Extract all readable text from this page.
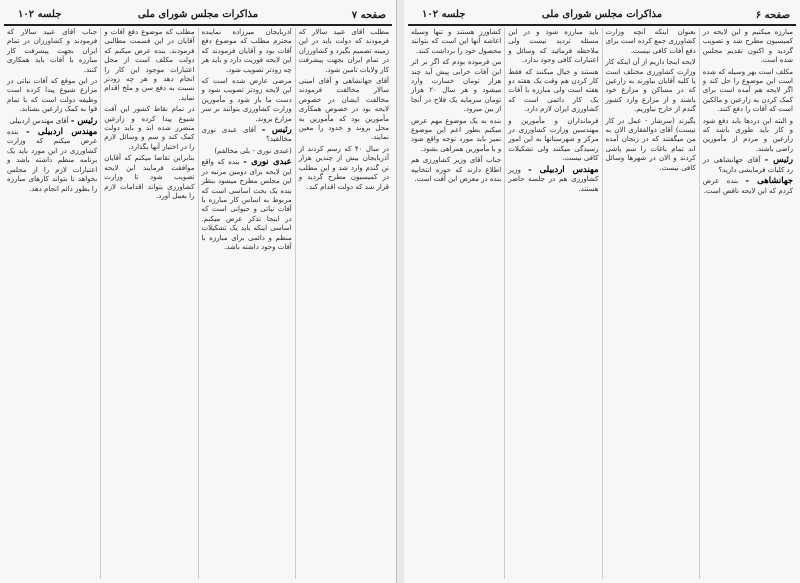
صفحه ۷
مذاکرات مجلس شورای ملی
جلسه ۱۰۲

مطلب آقای عبید سالار که فرمودند که دولت باید در این زمینه تصمیم بگیرد و کشاورزان در تمام ایران بجهت پیشرفت کار ولایات تامین شود.

آقای جهانشاهی و آقای امینی سالار مخالفت فرمودند مخالفت ایشان در خصوص لایحه بود در خصوص همکاری مأمورین بود که مأمورین به محل بروند و حدود را معین نمایند.

در سال ۴۰ که رسم کردند از آذربایجان بیش از چندین هزار تن گندم وارد شد و این مطلب در کمیسیون مطرح گردید و قرار شد که دولت اقدام کند.

آذربایجان میرزاده نماینده محترم مطلب که موضوع دفع آفات بود و آقایان فرمودند که این لایحه فوریت دارد و باید هر چه زودتر تصویب شود.

مرضی عارض شده است که این لایحه زودتر تصویب شود و دست ما باز شود و مأمورین وزارت کشاورزی بتوانند بر سر مزارع بروند.

رئیس - آقای عبدی نوری مخالفید؟

(عبدی نوری - بلی مخالفم)

عبدی نوری - بنده که واقع این لایحه برای دومین مرتبه در این مجلس مطرح میشود بنظر بنده یک بحث اساسی است که مربوط به اساس کار مبارزه با آفات نباتی و حیوانی است که در اینجا تذکر عرض میکنم. اساسی اینکه باید یک تشکیلات منظم و دائمی برای مبارزه با آفات وجود داشته باشد.

مطلب که موضوع دفع آفات و آقایان در این قسمت مطالبی فرمودند. بنده عرض میکنم که دولت مکلف است از محل اعتبارات موجود این کار را انجام دهد و هر چه زودتر نسبت به دفع سن و ملخ اقدام نماید.

در تمام نقاط کشور این آفت شیوع پیدا کرده و زارعین متضرر شده اند و باید دولت کمک کند و سم و وسائل لازم را در اختیار آنها بگذارد.

بنابراین تقاضا میکنم که آقایان موافقت فرمایند این لایحه تصویب شود تا وزارت کشاورزی بتواند اقدامات لازم را بعمل آورد.

جناب آقای عبید سالار که فرمودند و کشاورزان در تمام ایران بجهت پیشرفت کار مبارزه با آفات باید همکاری کنند.

در این موقع که آفات نباتی در مزارع شیوع پیدا کرده است وظیفه دولت است که با تمام قوا به کمک زارعین بشتابد.

رئیس - آقای مهندس اردبیلی

مهندس اردبیلی - بنده عرض میکنم که وزارت کشاورزی در این مورد باید یک برنامه منظم داشته باشد و اعتبارات لازم را از مجلس بخواهد تا بتواند کارهای مبارزه را بطور دائم انجام دهد.

صفحه ۶
مذاکرات مجلس شورای ملی
جلسه ۱۰۲

مبارزه میکنیم و این لایحه در کمیسیون مطرح شد و تصویب گردید و اکنون تقدیم مجلس شده است.

مکلف است بهر وسیله که شده است این موضوع را حل کند و اگر لایحه هم آمده است برای کمک کردن به زارعین و مالکین است که آفات را دفع کنند.

و البته این دردها باید دفع شود و کار باید طوری باشد که زارعین و مردم از مأمورین راضی باشند.

رئیس - آقای جهانشاهی در رد کلیات فرمایشی دارید؟

جهانشاهی - بنده عرض کردم که این لایحه ناقص است.

بعنوان اینکه آنچه وزارت کشاورزی جمع کرده است برای دفع آفات کافی نیست.

لایحه اینجا داریم از آن اینکه کار وزارت کشاورزی مختلف است یا کلیه آقایان بیاورند به زارعین که در مساکن و مزارع خود باشند و از مزارع وارد کشور گندم از خارج نیاوریم.

بگیرند (سرشار - عمل در کار نیست) آقای ذوالفقاری الان به من میگفتند که در زنجان آمده اند تمام باغات را سم پاشی کردند و الان در شهرها وسائل کافی نیست.

باید مبارزه شود و در این مسئله تردید نیست ولی ملاحظه فرمائید که وسائل و اعتبارات کافی وجود ندارد.

هستند و خیال میکنند که فقط کار کردن هم وقت یک هفته دو هفته است ولی مبارزه با آفات یک کار دائمی است که کشاورزی ایران لازم دارد.

فرمانداران و مأمورین و مهندسین وزارت کشاورزی در مرکز و شهرستانها به این امور رسیدگی میکنند ولی تشکیلات کافی نیست.

مهندس اردبیلی - وزیر کشاورزی هم در جلسه حاضر هستند.

کشاورز هستند و تنها وسیله اعاشه آنها این است که بتوانند محصول خود را برداشت کنند.

من فرموده بودم که اگر بر اثر این آفات خرابی پیش آید چند هزار تومان خسارت وارد میشود و هر سال ۲۰ هزار تومان سرمایه یک فلاح در آنجا از بین میرود.

بنده به یک موضوع مهم عرض میکنم بطور اعم این موضوع نمیر باید مورد توجه واقع شود و با مأمورین همراهی بشود.

جناب آقای وزیر کشاورزی هم اطلاع دارند که حوزه انتخابیه بنده در معرض این آفت است.
